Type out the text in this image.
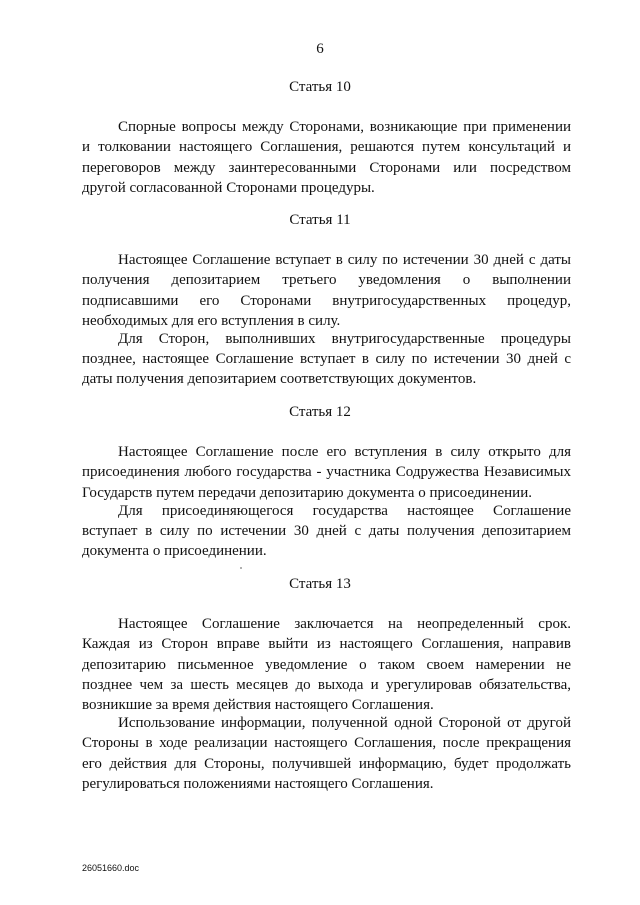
6
Статья 10
Спорные вопросы между Сторонами, возникающие при применении
и толковании настоящего Соглашения, решаются путем консультаций и
переговоров между заинтересованными Сторонами или посредством
другой согласованной Сторонами процедуры.
Статья 11
Настоящее Соглашение вступает в силу по истечении 30 дней с даты
получения депозитарием третьего уведомления о выполнении
подписавшими его Сторонами внутригосударственных процедур,
необходимых для его вступления в силу.
Для Сторон, выполнивших внутригосударственные процедуры
позднее, настоящее Соглашение вступает в силу по истечении 30 дней с
даты получения депозитарием соответствующих документов.
Статья 12
Настоящее Соглашение после его вступления в силу открыто для
присоединения любого государства - участника Содружества Независимых
Государств путем передачи депозитарию документа о присоединении.
Для присоединяющегося государства настоящее Соглашение
вступает в силу по истечении 30 дней с даты получения депозитарием
документа о присоединении.
Статья 13
Настоящее Соглашение заключается на неопределенный срок.
Каждая из Сторон вправе выйти из настоящего Соглашения, направив
депозитарию письменное уведомление о таком своем намерении не
позднее чем за шесть месяцев до выхода и урегулировав обязательства,
возникшие за время действия настоящего Соглашения.
Использование информации, полученной одной Стороной от другой
Стороны в ходе реализации настоящего Соглашения, после прекращения
его действия для Стороны, получившей информацию, будет продолжать
регулироваться положениями настоящего Соглашения.
26051660.doc
